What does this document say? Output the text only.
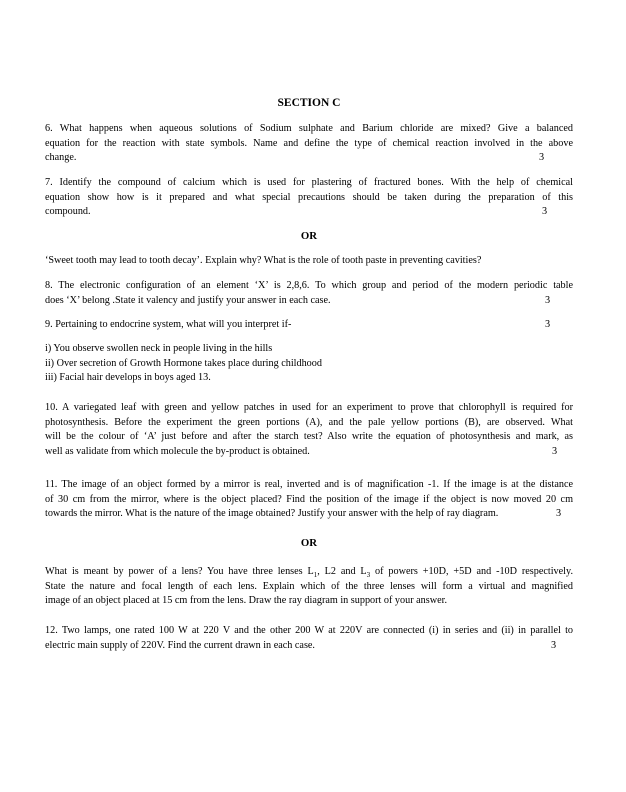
SECTION C
6. What happens when aqueous solutions of Sodium sulphate and Barium chloride are mixed? Give a balanced
equation for the reaction with state symbols. Name and define the type of chemical reaction involved in the above
change.	3
7. Identify the compound of calcium which is used for plastering of fractured bones. With the help of chemical
equation show how is it prepared and what special precautions should be taken during the preparation of this
compound.	3
OR
‘Sweet tooth may lead to tooth decay’. Explain why? What is the role of tooth paste in preventing cavities?
8. The electronic configuration of an element ‘X’ is 2,8,6. To which group and period of the modern periodic table
does ‘X’ belong .State it valency and justify your answer in each case.	3
9. Pertaining to endocrine system, what will you interpret if-	3
i) You observe swollen neck in people living in the hills
ii) Over secretion of Growth Hormone takes place during childhood
iii) Facial hair develops in boys aged 13.
10. A variegated leaf with green and yellow patches in used for an experiment to prove that chlorophyll is required for
photosynthesis. Before the experiment the green portions (A), and the pale yellow portions (B), are observed. What
will be the colour of ‘A’ just before and after the starch test? Also write the equation of photosynthesis and mark, as
well as validate from which molecule the by-product is obtained.	3
11. The image of an object formed by a mirror is real, inverted and is of magnification -1. If the image is at the distance
of 30 cm from the mirror, where is the object placed? Find the position of the image if the object is now moved 20 cm
towards the mirror. What is the nature of the image obtained? Justify your answer with the help of ray diagram.	3
OR
What is meant by power of a lens? You have three lenses $L_1$, L2 and $L_3$ of powers +10D, +5D and -10D respectively.
State the nature and focal length of each lens. Explain which of the three lenses will form a virtual and magnified
image of an object placed at 15 cm from the lens. Draw the ray diagram in support of your answer.
12. Two lamps, one rated 100 W at 220 V and the other 200 W at 220V are connected (i) in series and (ii) in parallel to
electric main supply of 220V. Find the current drawn in each case.	3
